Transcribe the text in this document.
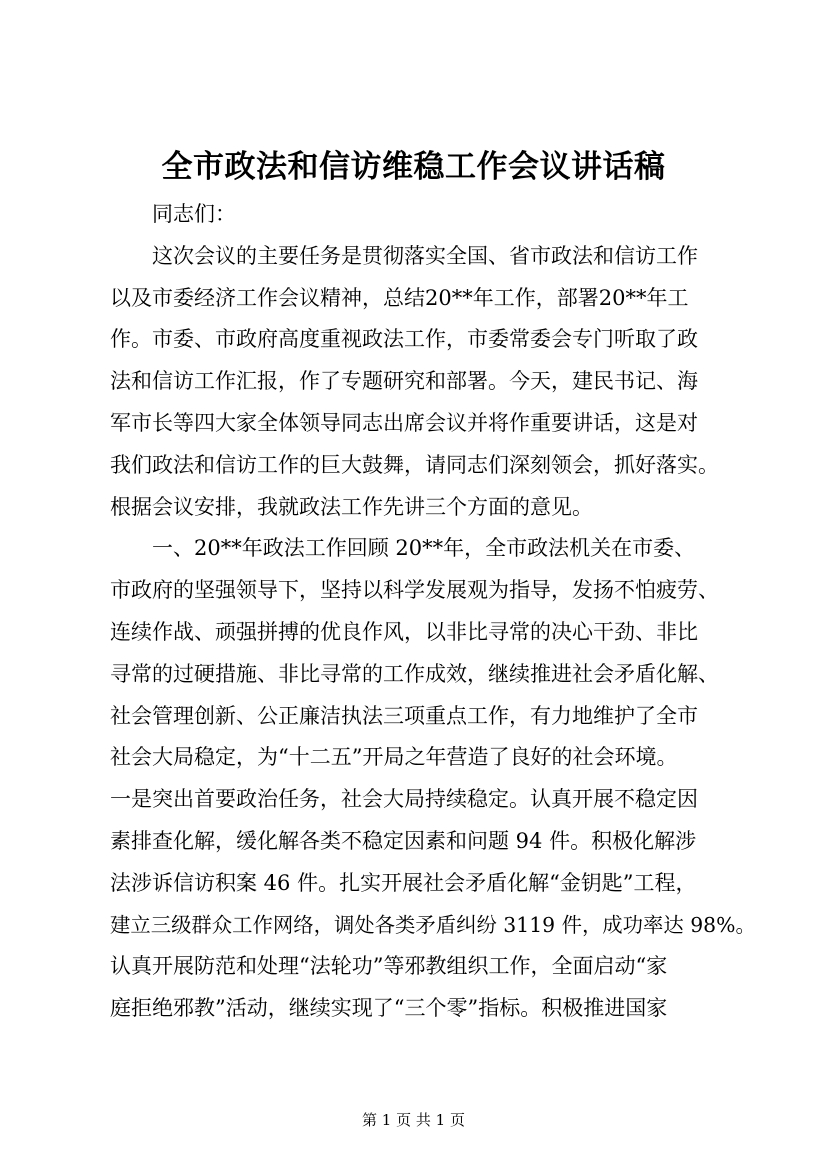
全市政法和信访维稳工作会议讲话稿
同志们：
这次会议的主要任务是贯彻落实全国、省市政法和信访工作
以及市委经济工作会议精神，总结20**年工作，部署20**年工
作。市委、市政府高度重视政法工作，市委常委会专门听取了政
法和信访工作汇报，作了专题研究和部署。今天，建民书记、海
军市长等四大家全体领导同志出席会议并将作重要讲话，这是对
我们政法和信访工作的巨大鼓舞，请同志们深刻领会，抓好落实。
根据会议安排，我就政法工作先讲三个方面的意见。
一、20**年政法工作回顾 20**年，全市政法机关在市委、
市政府的坚强领导下，坚持以科学发展观为指导，发扬不怕疲劳、
连续作战、顽强拼搏的优良作风，以非比寻常的决心干劲、非比
寻常的过硬措施、非比寻常的工作成效，继续推进社会矛盾化解、
社会管理创新、公正廉洁执法三项重点工作，有力地维护了全市
社会大局稳定，为“十二五”开局之年营造了良好的社会环境。
一是突出首要政治任务，社会大局持续稳定。认真开展不稳定因
素排查化解，缓化解各类不稳定因素和问题 94 件。积极化解涉
法涉诉信访积案 46 件。扎实开展社会矛盾化解“金钥匙”工程，
建立三级群众工作网络，调处各类矛盾纠纷 3119 件，成功率达 98%。
认真开展防范和处理“法轮功”等邪教组织工作，全面启动“家
庭拒绝邪教”活动，继续实现了“三个零”指标。积极推进国家
第 1 页 共 1 页
